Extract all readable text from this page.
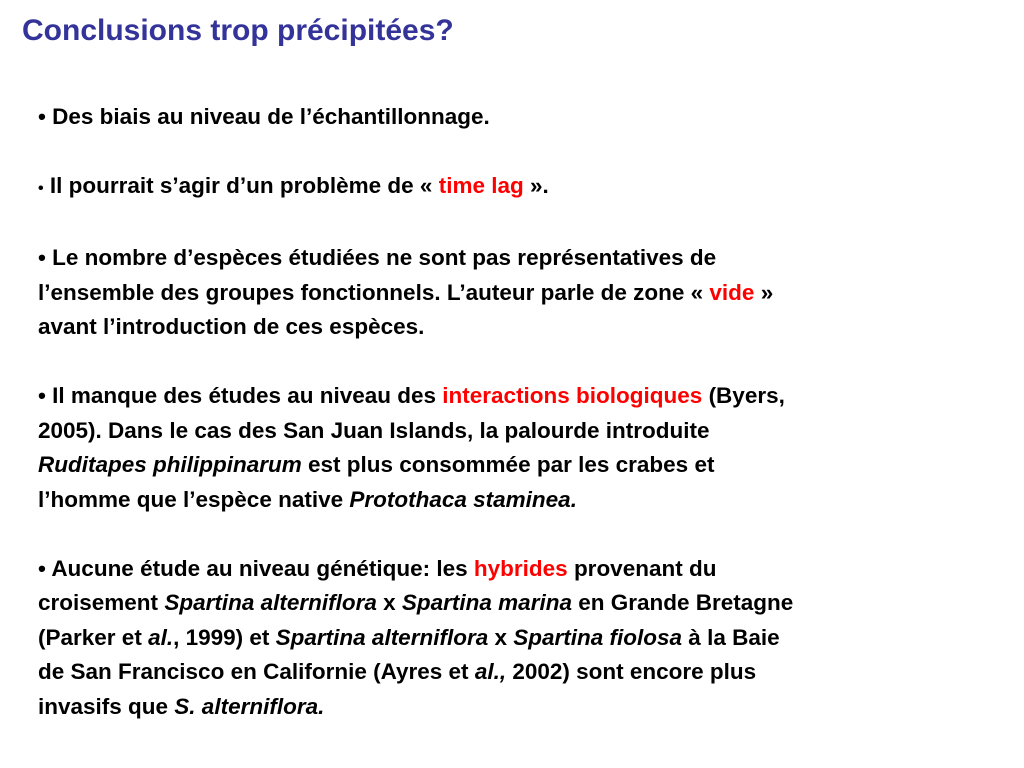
Conclusions trop précipitées?

• Des biais au niveau de l’échantillonnage.

• Il pourrait s’agir d’un problème de « time lag ».

• Le nombre d’espèces étudiées ne sont pas représentatives de
l’ensemble des groupes fonctionnels. L’auteur parle de zone « vide »
avant l’introduction de ces espèces.

• Il manque des études au niveau des interactions biologiques (Byers,
2005). Dans le cas des San Juan Islands, la palourde introduite
Ruditapes philippinarum est plus consommée par les crabes et
l’homme que l’espèce native Protothaca staminea.

• Aucune étude au niveau génétique: les hybrides provenant du
croisement Spartina alterniflora x Spartina marina en Grande Bretagne
(Parker et al., 1999) et Spartina alterniflora x Spartina fiolosa à la Baie
de San Francisco en Californie (Ayres et al., 2002) sont encore plus
invasifs que S. alterniflora.
